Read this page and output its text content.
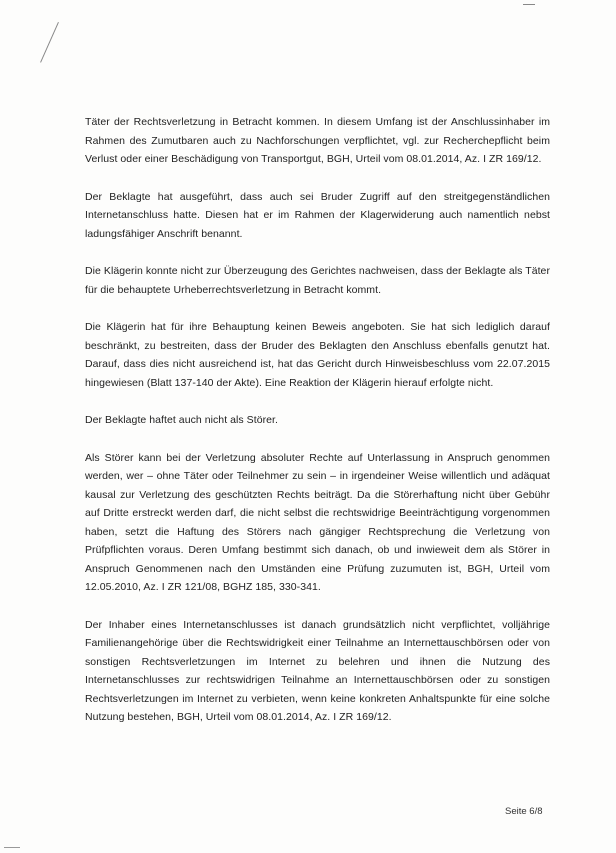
Täter der Rechtsverletzung in Betracht kommen. In diesem Umfang ist der Anschlussinhaber im Rahmen des Zumutbaren auch zu Nachforschungen verpflichtet, vgl. zur Recherchepflicht beim Verlust oder einer Beschädigung von Transportgut, BGH, Urteil vom 08.01.2014, Az. I ZR 169/12.

Der Beklagte hat ausgeführt, dass auch sei Bruder Zugriff auf den streitgegenständlichen Internetanschluss hatte. Diesen hat er im Rahmen der Klagerwiderung auch namentlich nebst ladungsfähiger Anschrift benannt.

Die Klägerin konnte nicht zur Überzeugung des Gerichtes nachweisen, dass der Beklagte als Täter für die behauptete Urheberrechtsverletzung in Betracht kommt.

Die Klägerin hat für ihre Behauptung keinen Beweis angeboten. Sie hat sich lediglich darauf beschränkt, zu bestreiten, dass der Bruder des Beklagten den Anschluss ebenfalls genutzt hat. Darauf, dass dies nicht ausreichend ist, hat das Gericht durch Hinweisbeschluss vom 22.07.2015 hingewiesen (Blatt 137-140 der Akte). Eine Reaktion der Klägerin hierauf erfolgte nicht.

Der Beklagte haftet auch nicht als Störer.

Als Störer kann bei der Verletzung absoluter Rechte auf Unterlassung in Anspruch genommen werden, wer – ohne Täter oder Teilnehmer zu sein – in irgendeiner Weise willentlich und adäquat kausal zur Verletzung des geschützten Rechts beiträgt. Da die Störerhaftung nicht über Gebühr auf Dritte erstreckt werden darf, die nicht selbst die rechtswidrige Beeinträchtigung vorgenommen haben, setzt die Haftung des Störers nach gängiger Rechtsprechung die Verletzung von Prüfpflichten voraus. Deren Umfang bestimmt sich danach, ob und inwieweit dem als Störer in Anspruch Genommenen nach den Umständen eine Prüfung zuzumuten ist, BGH, Urteil vom 12.05.2010, Az. I ZR 121/08, BGHZ 185, 330-341.

Der Inhaber eines Internetanschlusses ist danach grundsätzlich nicht verpflichtet, volljährige Familienangehörige über die Rechtswidrigkeit einer Teilnahme an Internettauschbörsen oder von sonstigen Rechtsverletzungen im Internet zu belehren und ihnen die Nutzung des Internetanschlusses zur rechtswidrigen Teilnahme an Internettauschbörsen oder zu sonstigen Rechtsverletzungen im Internet zu verbieten, wenn keine konkreten Anhaltspunkte für eine solche Nutzung bestehen, BGH, Urteil vom 08.01.2014, Az. I ZR 169/12.

Seite 6/8
